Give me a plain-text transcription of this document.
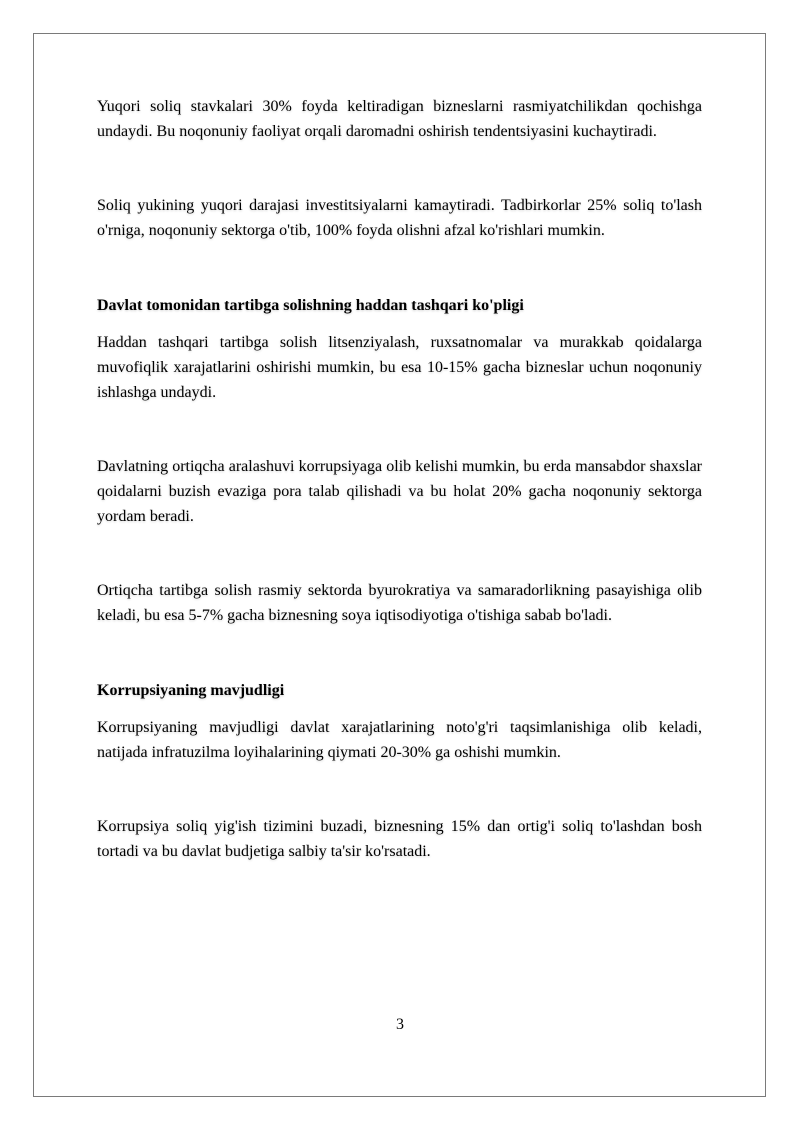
Yuqori soliq stavkalari 30% foyda keltiradigan bizneslarni rasmiyatchilikdan qochishga undaydi. Bu noqonuniy faoliyat orqali daromadni oshirish tendentsiyasini kuchaytiradi.

Soliq yukining yuqori darajasi investitsiyalarni kamaytiradi. Tadbirkorlar 25% soliq to'lash o'rniga, noqonuniy sektorga o'tib, 100% foyda olishni afzal ko'rishlari mumkin.

Davlat tomonidan tartibga solishning haddan tashqari ko'pligi

Haddan tashqari tartibga solish litsenziyalash, ruxsatnomalar va murakkab qoidalarga muvofiqlik xarajatlarini oshirishi mumkin, bu esa 10-15% gacha bizneslar uchun noqonuniy ishlashga undaydi.

Davlatning ortiqcha aralashuvi korrupsiyaga olib kelishi mumkin, bu erda mansabdor shaxslar qoidalarni buzish evaziga pora talab qilishadi va bu holat 20% gacha noqonuniy sektorga yordam beradi.

Ortiqcha tartibga solish rasmiy sektorda byurokratiya va samaradorlikning pasayishiga olib keladi, bu esa 5-7% gacha biznesning soya iqtisodiyotiga o'tishiga sabab bo'ladi.

Korrupsiyaning mavjudligi

Korrupsiyaning mavjudligi davlat xarajatlarining noto'g'ri taqsimlanishiga olib keladi, natijada infratuzilma loyihalarining qiymati 20-30% ga oshishi mumkin.

Korrupsiya soliq yig'ish tizimini buzadi, biznesning 15% dan ortig'i soliq to'lashdan bosh tortadi va bu davlat budjetiga salbiy ta'sir ko'rsatadi.

3
